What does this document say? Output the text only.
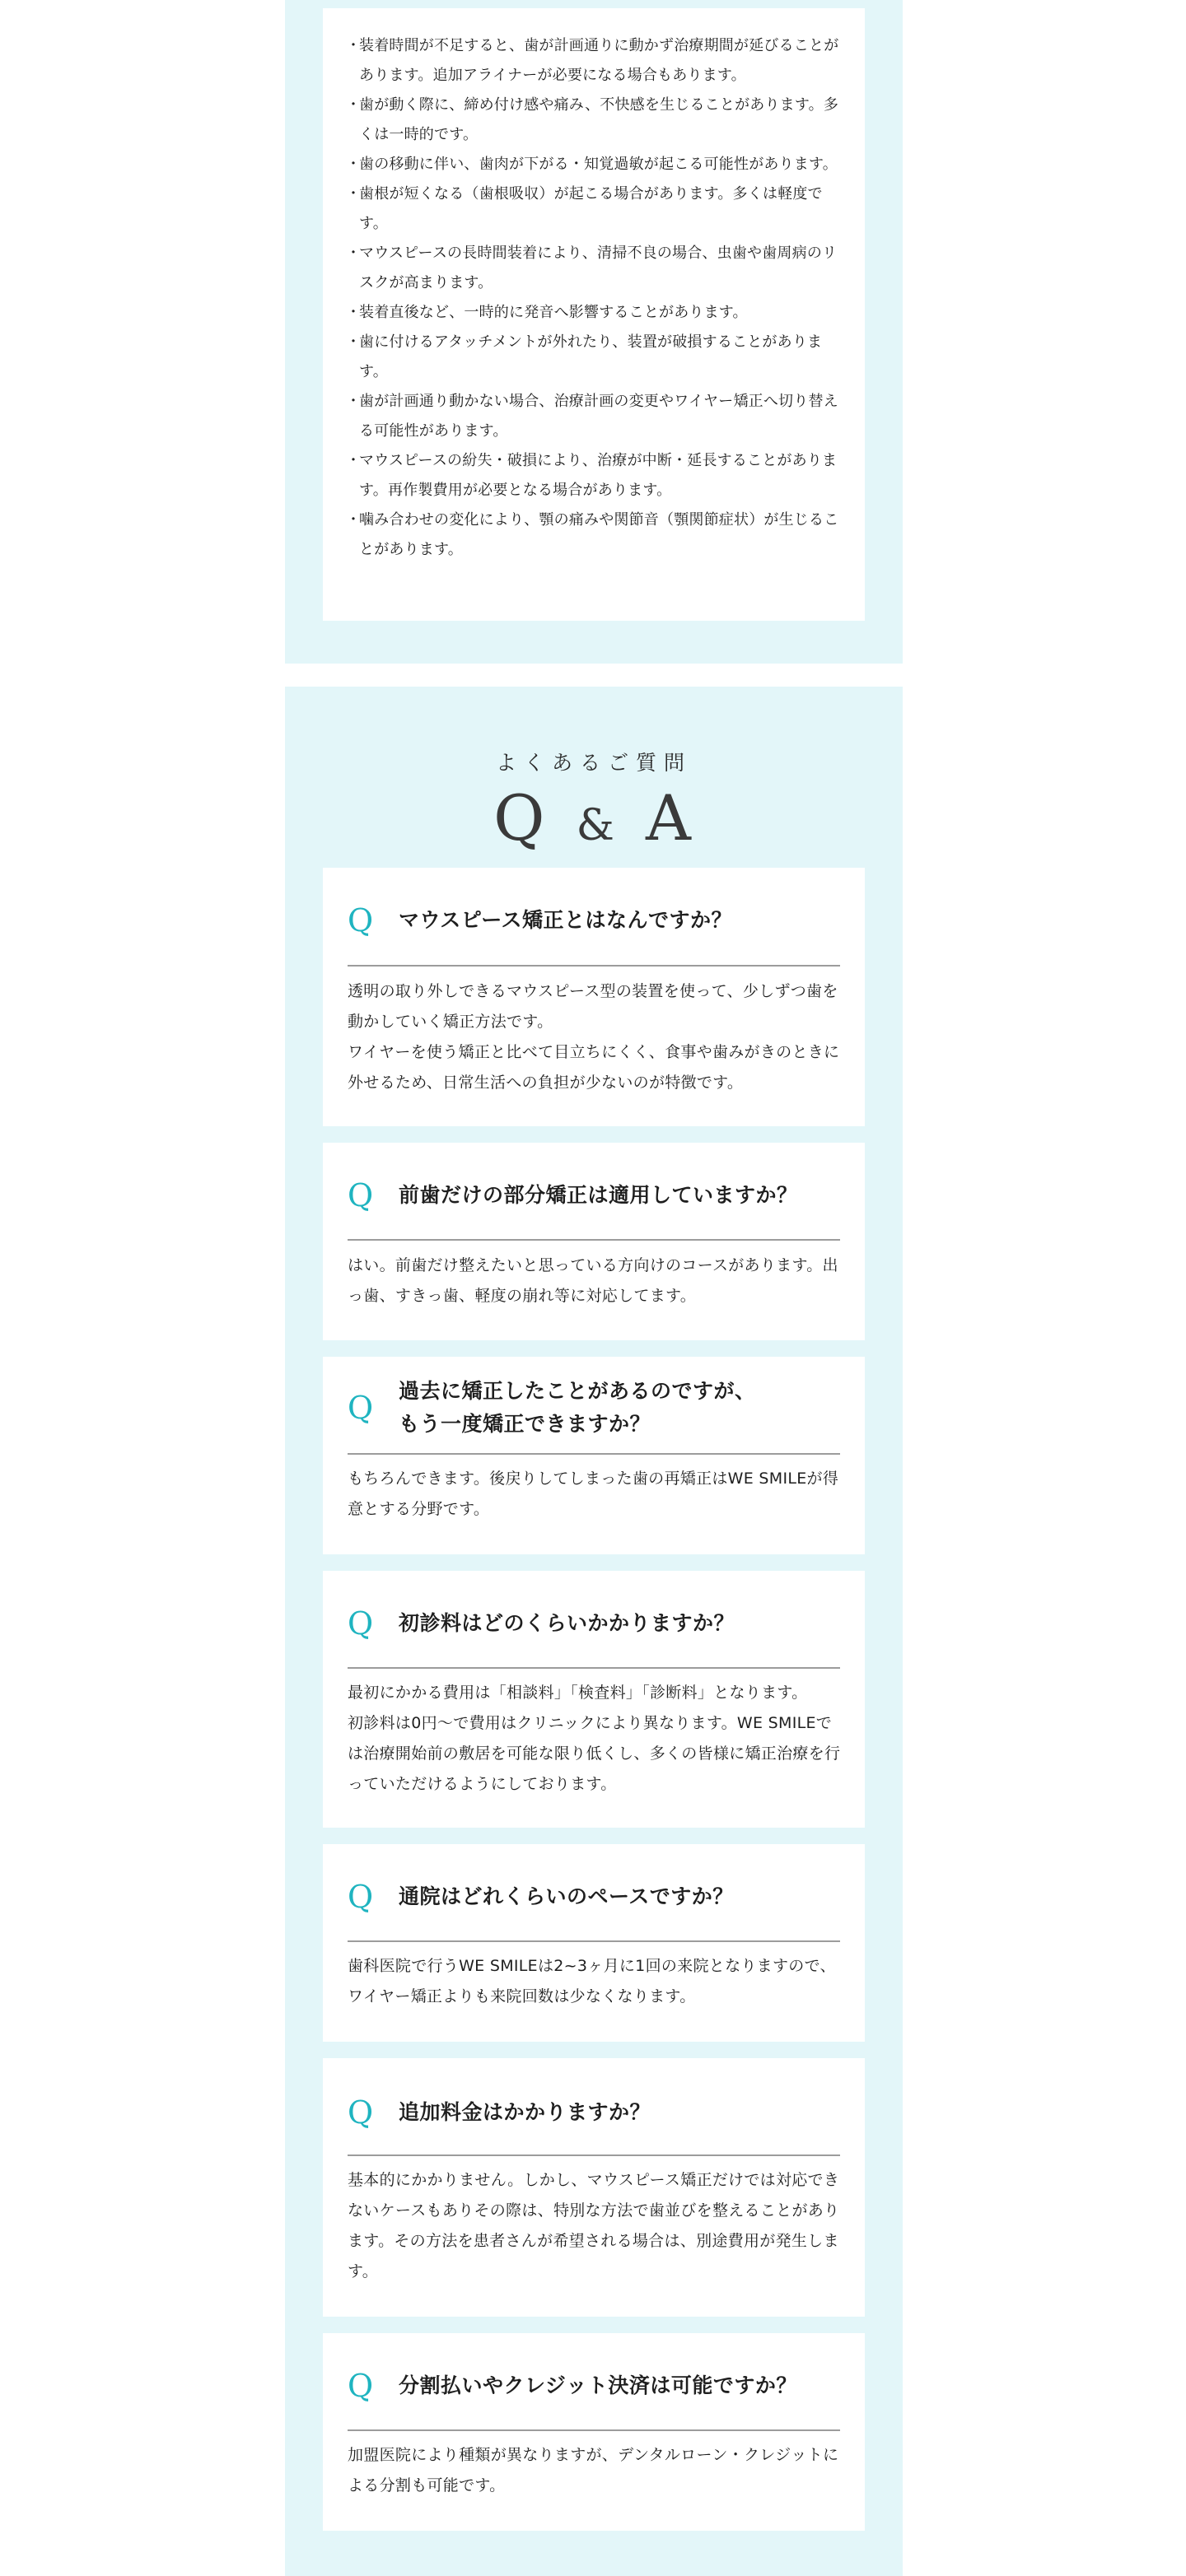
・
装着時間が不足すると、歯が計画通りに動かず治療期間が延びることがあります。追加アライナーが必要になる場合もあります。
・
歯が動く際に、締め付け感や痛み、不快感を生じることがあります。多くは一時的です。
・
歯の移動に伴い、歯肉が下がる・知覚過敏が起こる可能性があります。
・
歯根が短くなる（歯根吸収）が起こる場合があります。多くは軽度です。
・
マウスピースの長時間装着により、清掃不良の場合、虫歯や歯周病のリスクが高まります。
・
装着直後など、一時的に発音へ影響することがあります。
・
歯に付けるアタッチメントが外れたり、装置が破損することがあります。
・
歯が計画通り動かない場合、治療計画の変更やワイヤー矯正へ切り替える可能性があります。
・
マウスピースの紛失・破損により、治療が中断・延長することがあります。再作製費用が必要となる場合があります。
・
噛み合わせの変化により、顎の痛みや関節音（顎関節症状）が生じることがあります。
よくあるご質問
Q & A
Q	マウスピース矯正とはなんですか？
透明の取り外しできるマウスピース型の装置を使って、少しずつ歯を動かしていく矯正方法です。
ワイヤーを使う矯正と比べて目立ちにくく、食事や歯みがきのときに外せるため、日常生活への負担が少ないのが特徴です。
Q	前歯だけの部分矯正は適用していますか？
はい。前歯だけ整えたいと思っている方向けのコースがあります。出っ歯、すきっ歯、軽度の崩れ等に対応してます。
Q	過去に矯正したことがあるのですが、
もう一度矯正できますか？
もちろんできます。後戻りしてしまった歯の再矯正はWE SMILEが得意とする分野です。
Q	初診料はどのくらいかかりますか？
最初にかかる費用は「相談料」「検査料」「診断料」となります。
初診料は0円〜で費用はクリニックにより異なります。WE SMILEでは治療開始前の敷居を可能な限り低くし、多くの皆様に矯正治療を行っていただけるようにしております。
Q	通院はどれくらいのペースですか？
歯科医院で行うWE SMILEは2~3ヶ月に1回の来院となりますので、ワイヤー矯正よりも来院回数は少なくなります。
Q	追加料金はかかりますか？
基本的にかかりません。しかし、マウスピース矯正だけでは対応できないケースもありその際は、特別な方法で歯並びを整えることがあります。その方法を患者さんが希望される場合は、別途費用が発生します。
Q	分割払いやクレジット決済は可能ですか？
加盟医院により種類が異なりますが、デンタルローン・クレジットによる分割も可能です。
